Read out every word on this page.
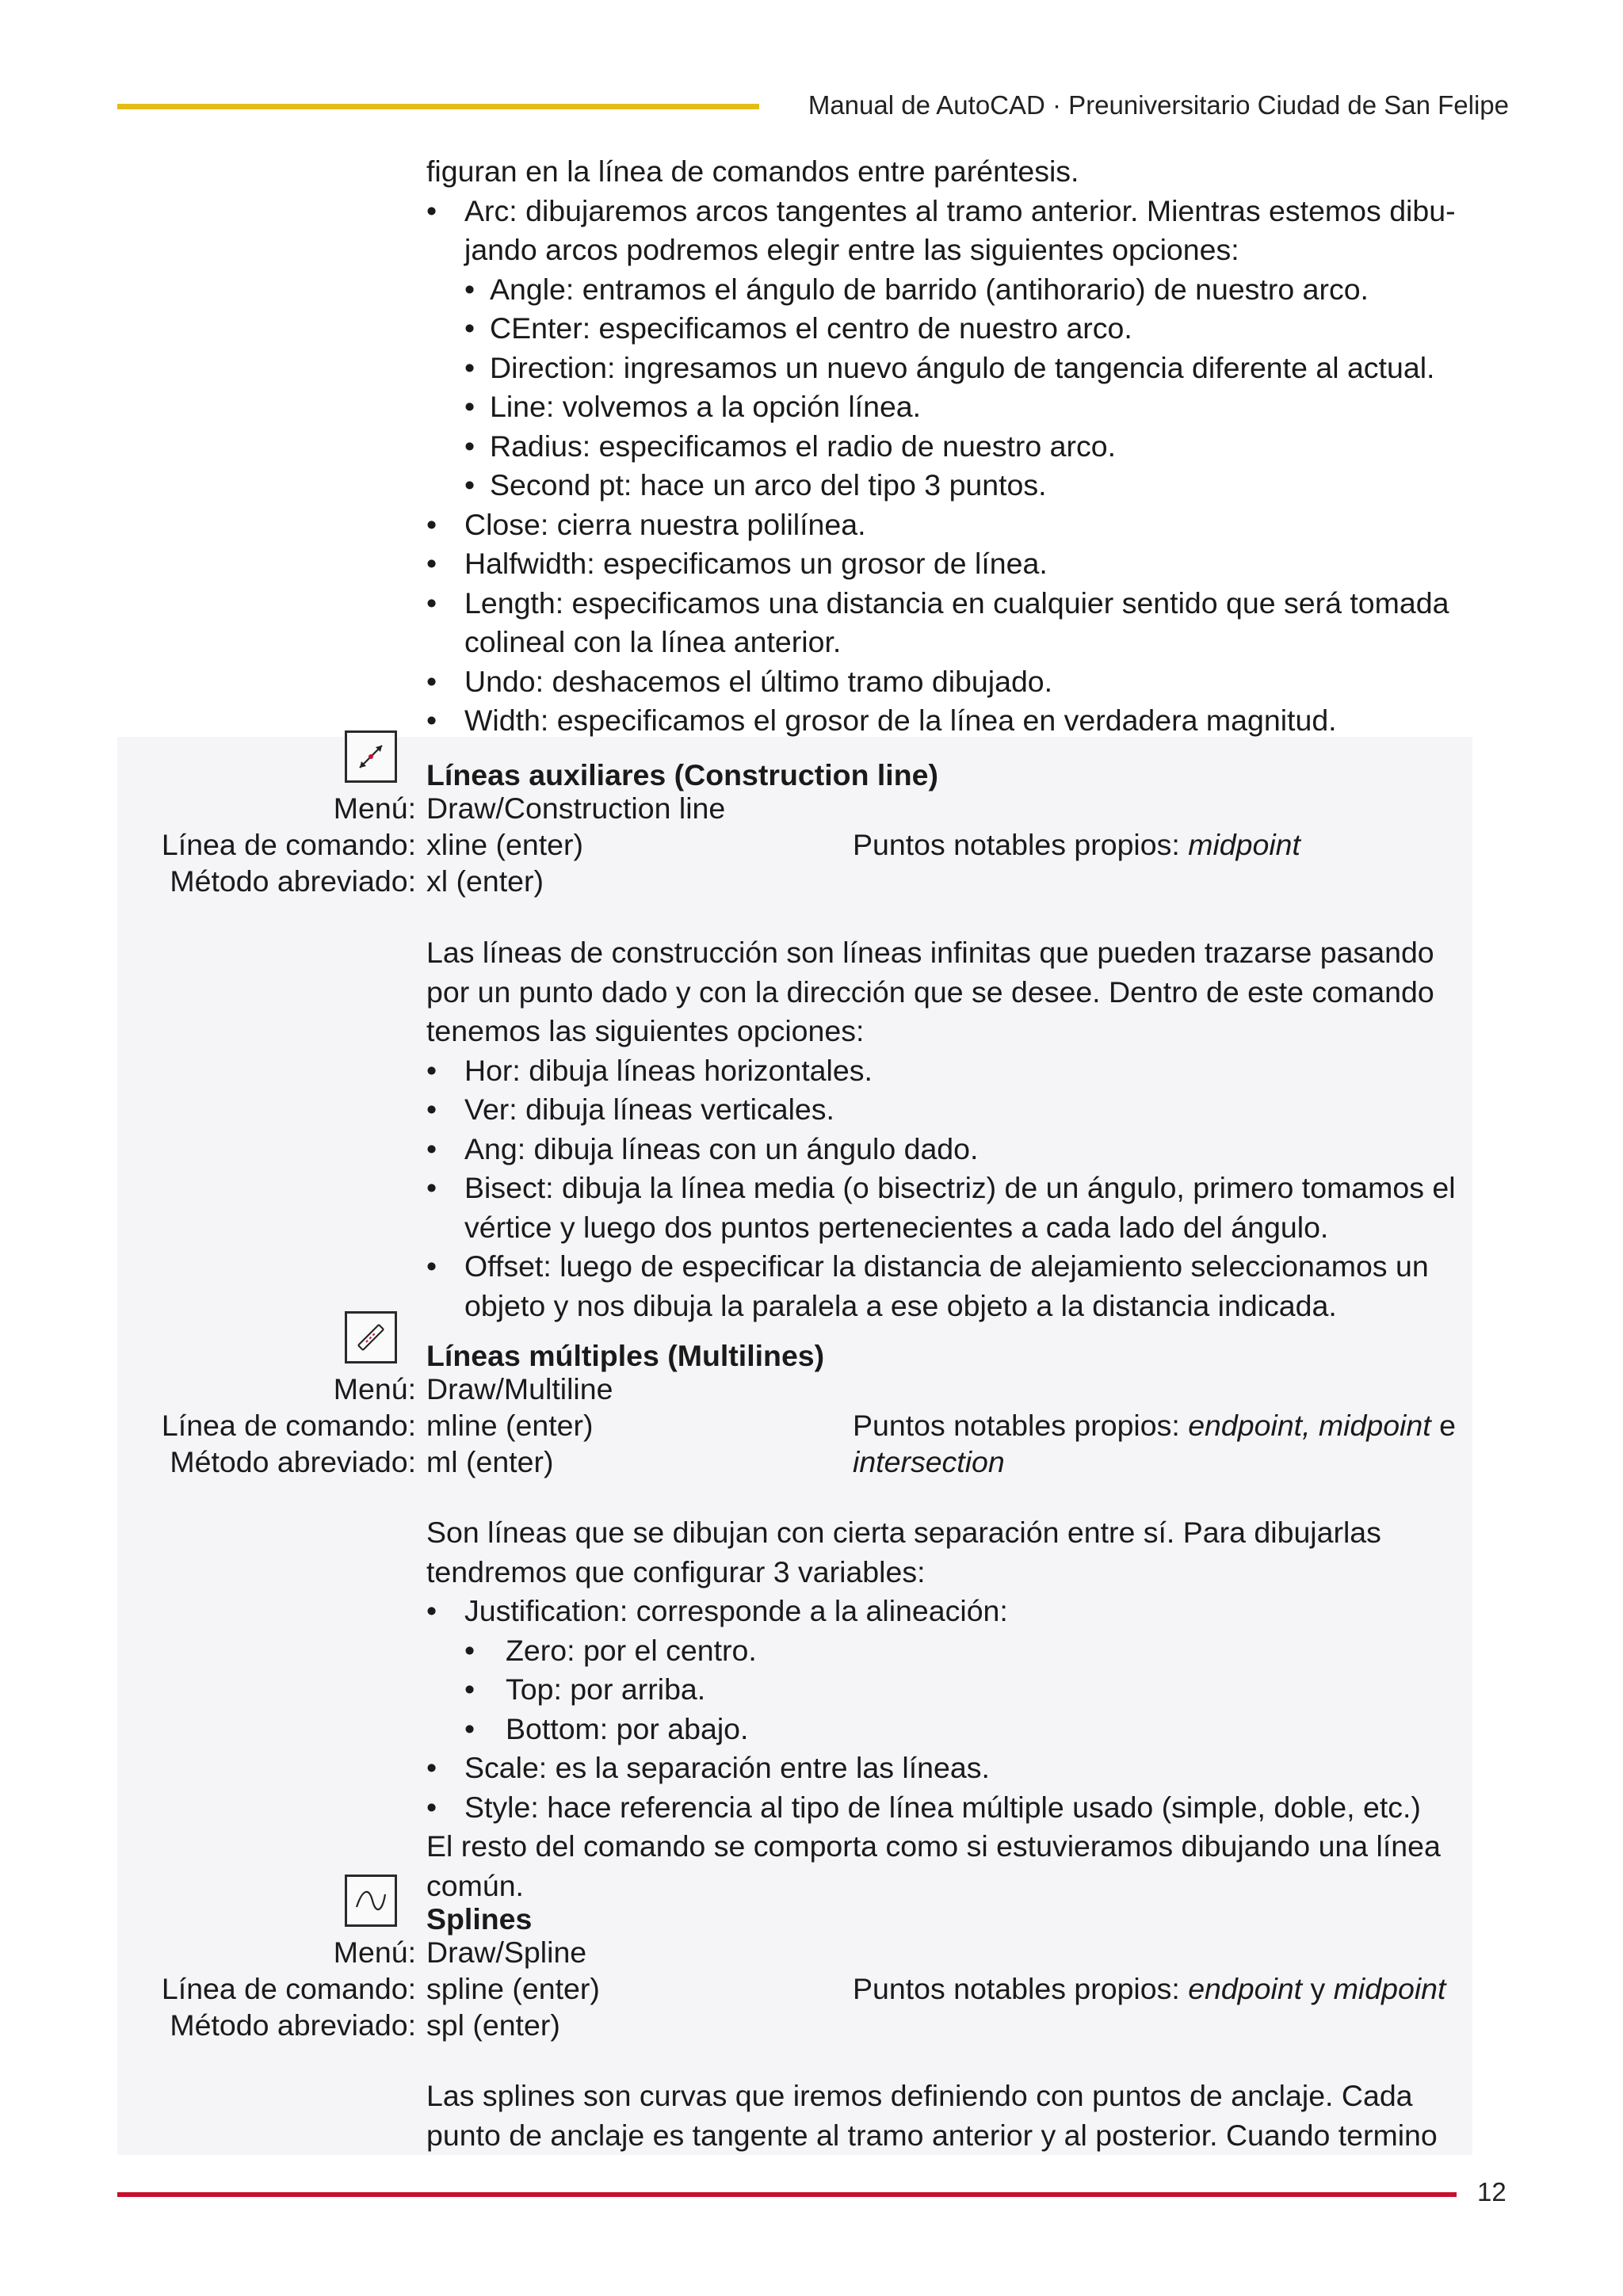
Manual de AutoCAD · Preuniversitario Ciudad de San Felipe

figuran en la línea de comandos entre paréntesis.

• Arc: dibujaremos arcos tangentes al tramo anterior. Mientras estemos dibu-jando arcos podremos elegir entre las siguientes opciones:
• Angle: entramos el ángulo de barrido (antihorario) de nuestro arco.
• CEnter: especificamos el centro de nuestro arco.
• Direction: ingresamos un nuevo ángulo de tangencia diferente al actual.
• Line: volvemos a la opción línea.
• Radius: especificamos el radio de nuestro arco.
• Second pt: hace un arco del tipo 3 puntos.
• Close: cierra nuestra polilínea.
• Halfwidth: especificamos un grosor de línea.
• Length: especificamos una distancia en cualquier sentido que será tomada colineal con la línea anterior.
• Undo: deshacemos el último tramo dibujado.
• Width: especificamos el grosor de la línea en verdadera magnitud.
Líneas auxiliares (Construction line)
Menú: Draw/Construction line
Línea de comando: xline (enter)	Puntos notables propios: midpoint
Método abreviado: xl (enter)

Las líneas de construcción son líneas infinitas que pueden trazarse pasando por un punto dado y con la dirección que se desee. Dentro de este comando tenemos las siguientes opciones:

• Hor: dibuja líneas horizontales.
• Ver: dibuja líneas verticales.
• Ang: dibuja líneas con un ángulo dado.
• Bisect: dibuja la línea media (o bisectriz) de un ángulo, primero tomamos el vértice y luego dos puntos pertenecientes a cada lado del ángulo.
• Offset: luego de especificar la distancia de alejamiento seleccionamos un objeto y nos dibuja la paralela a ese objeto a la distancia indicada.
Líneas múltiples (Multilines)
Menú: Draw/Multiline
Línea de comando: mline (enter)	Puntos notables propios: endpoint, midpoint e
Método abreviado: ml (enter)	intersection

Son líneas que se dibujan con cierta separación entre sí. Para dibujarlas tendremos que configurar 3 variables:

• Justification: corresponde a la alineación:
• Zero: por el centro.
• Top: por arriba.
• Bottom: por abajo.
• Scale: es la separación entre las líneas.
• Style: hace referencia al tipo de línea múltiple usado (simple, doble, etc.)

El resto del comando se comporta como si estuvieramos dibujando una línea común.

Splines
Menú: Draw/Spline
Línea de comando: spline (enter)	Puntos notables propios: endpoint y midpoint
Método abreviado: spl (enter)

Las splines son curvas que iremos definiendo con puntos de anclaje. Cada punto de anclaje es tangente al tramo anterior y al posterior. Cuando termino

12
